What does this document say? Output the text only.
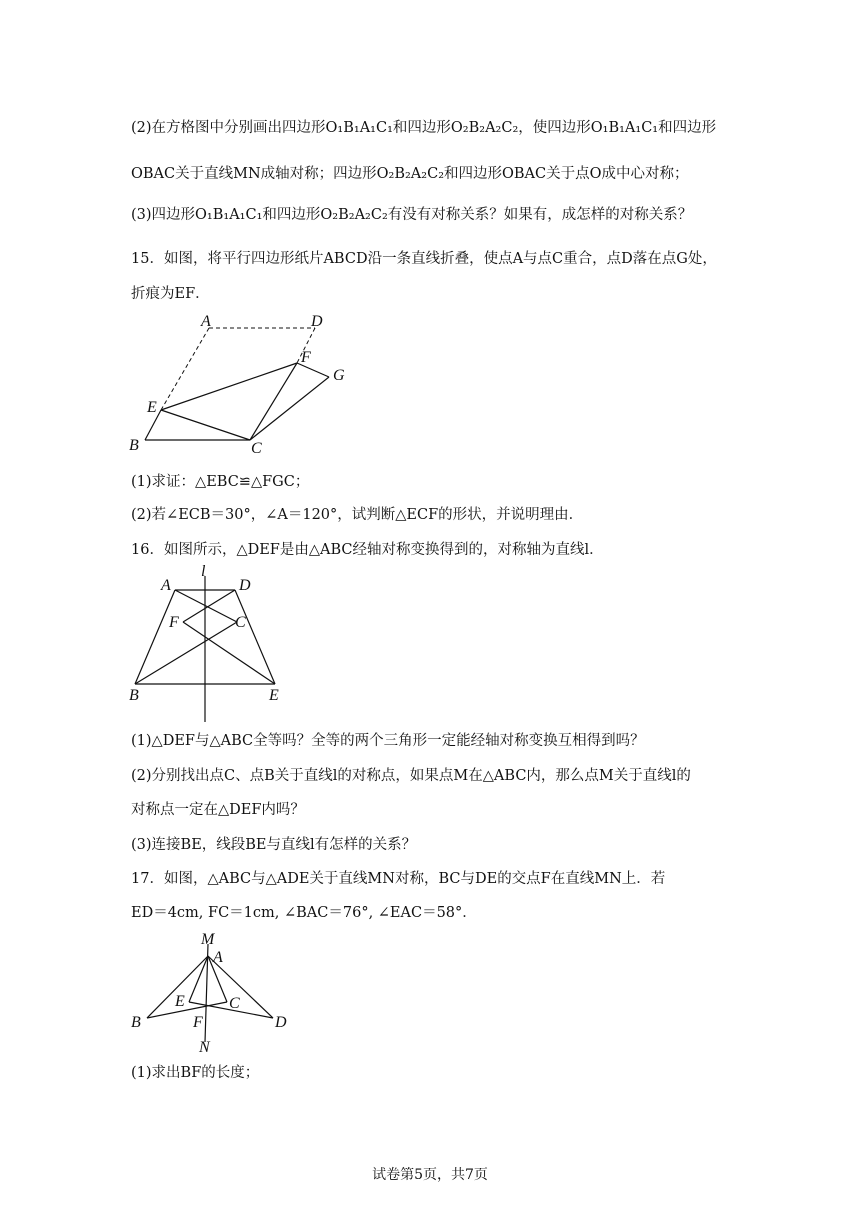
(2)在方格图中分别画出四边形O₁B₁A₁C₁和四边形O₂B₂A₂C₂，使四边形O₁B₁A₁C₁和四边形
OBAC关于直线MN成轴对称；四边形O₂B₂A₂C₂和四边形OBAC关于点O成中心对称；
(3)四边形O₁B₁A₁C₁和四边形O₂B₂A₂C₂有没有对称关系？如果有，成怎样的对称关系？
15．如图，将平行四边形纸片ABCD沿一条直线折叠，使点A与点C重合，点D落在点G处，
折痕为EF．
A	D
F
G
E
B	C
(1)求证：△EBC≌△FGC；
(2)若∠ECB＝30°，∠A＝120°，试判断△ECF的形状，并说明理由．
16．如图所示，△DEF是由△ABC经轴对称变换得到的，对称轴为直线l．
l
A	D
F	C
B	E
(1)△DEF与△ABC全等吗？全等的两个三角形一定能经轴对称变换互相得到吗？
(2)分别找出点C、点B关于直线l的对称点，如果点M在△ABC内，那么点M关于直线l的
对称点一定在△DEF内吗？
(3)连接BE，线段BE与直线l有怎样的关系？
17．如图，△ABC与△ADE关于直线MN对称，BC与DE的交点F在直线MN上．若
ED＝4cm, FC＝1cm, ∠BAC＝76°, ∠EAC＝58°．
M
A
E	C
B	F	D
N
(1)求出BF的长度；
试卷第5页，共7页
